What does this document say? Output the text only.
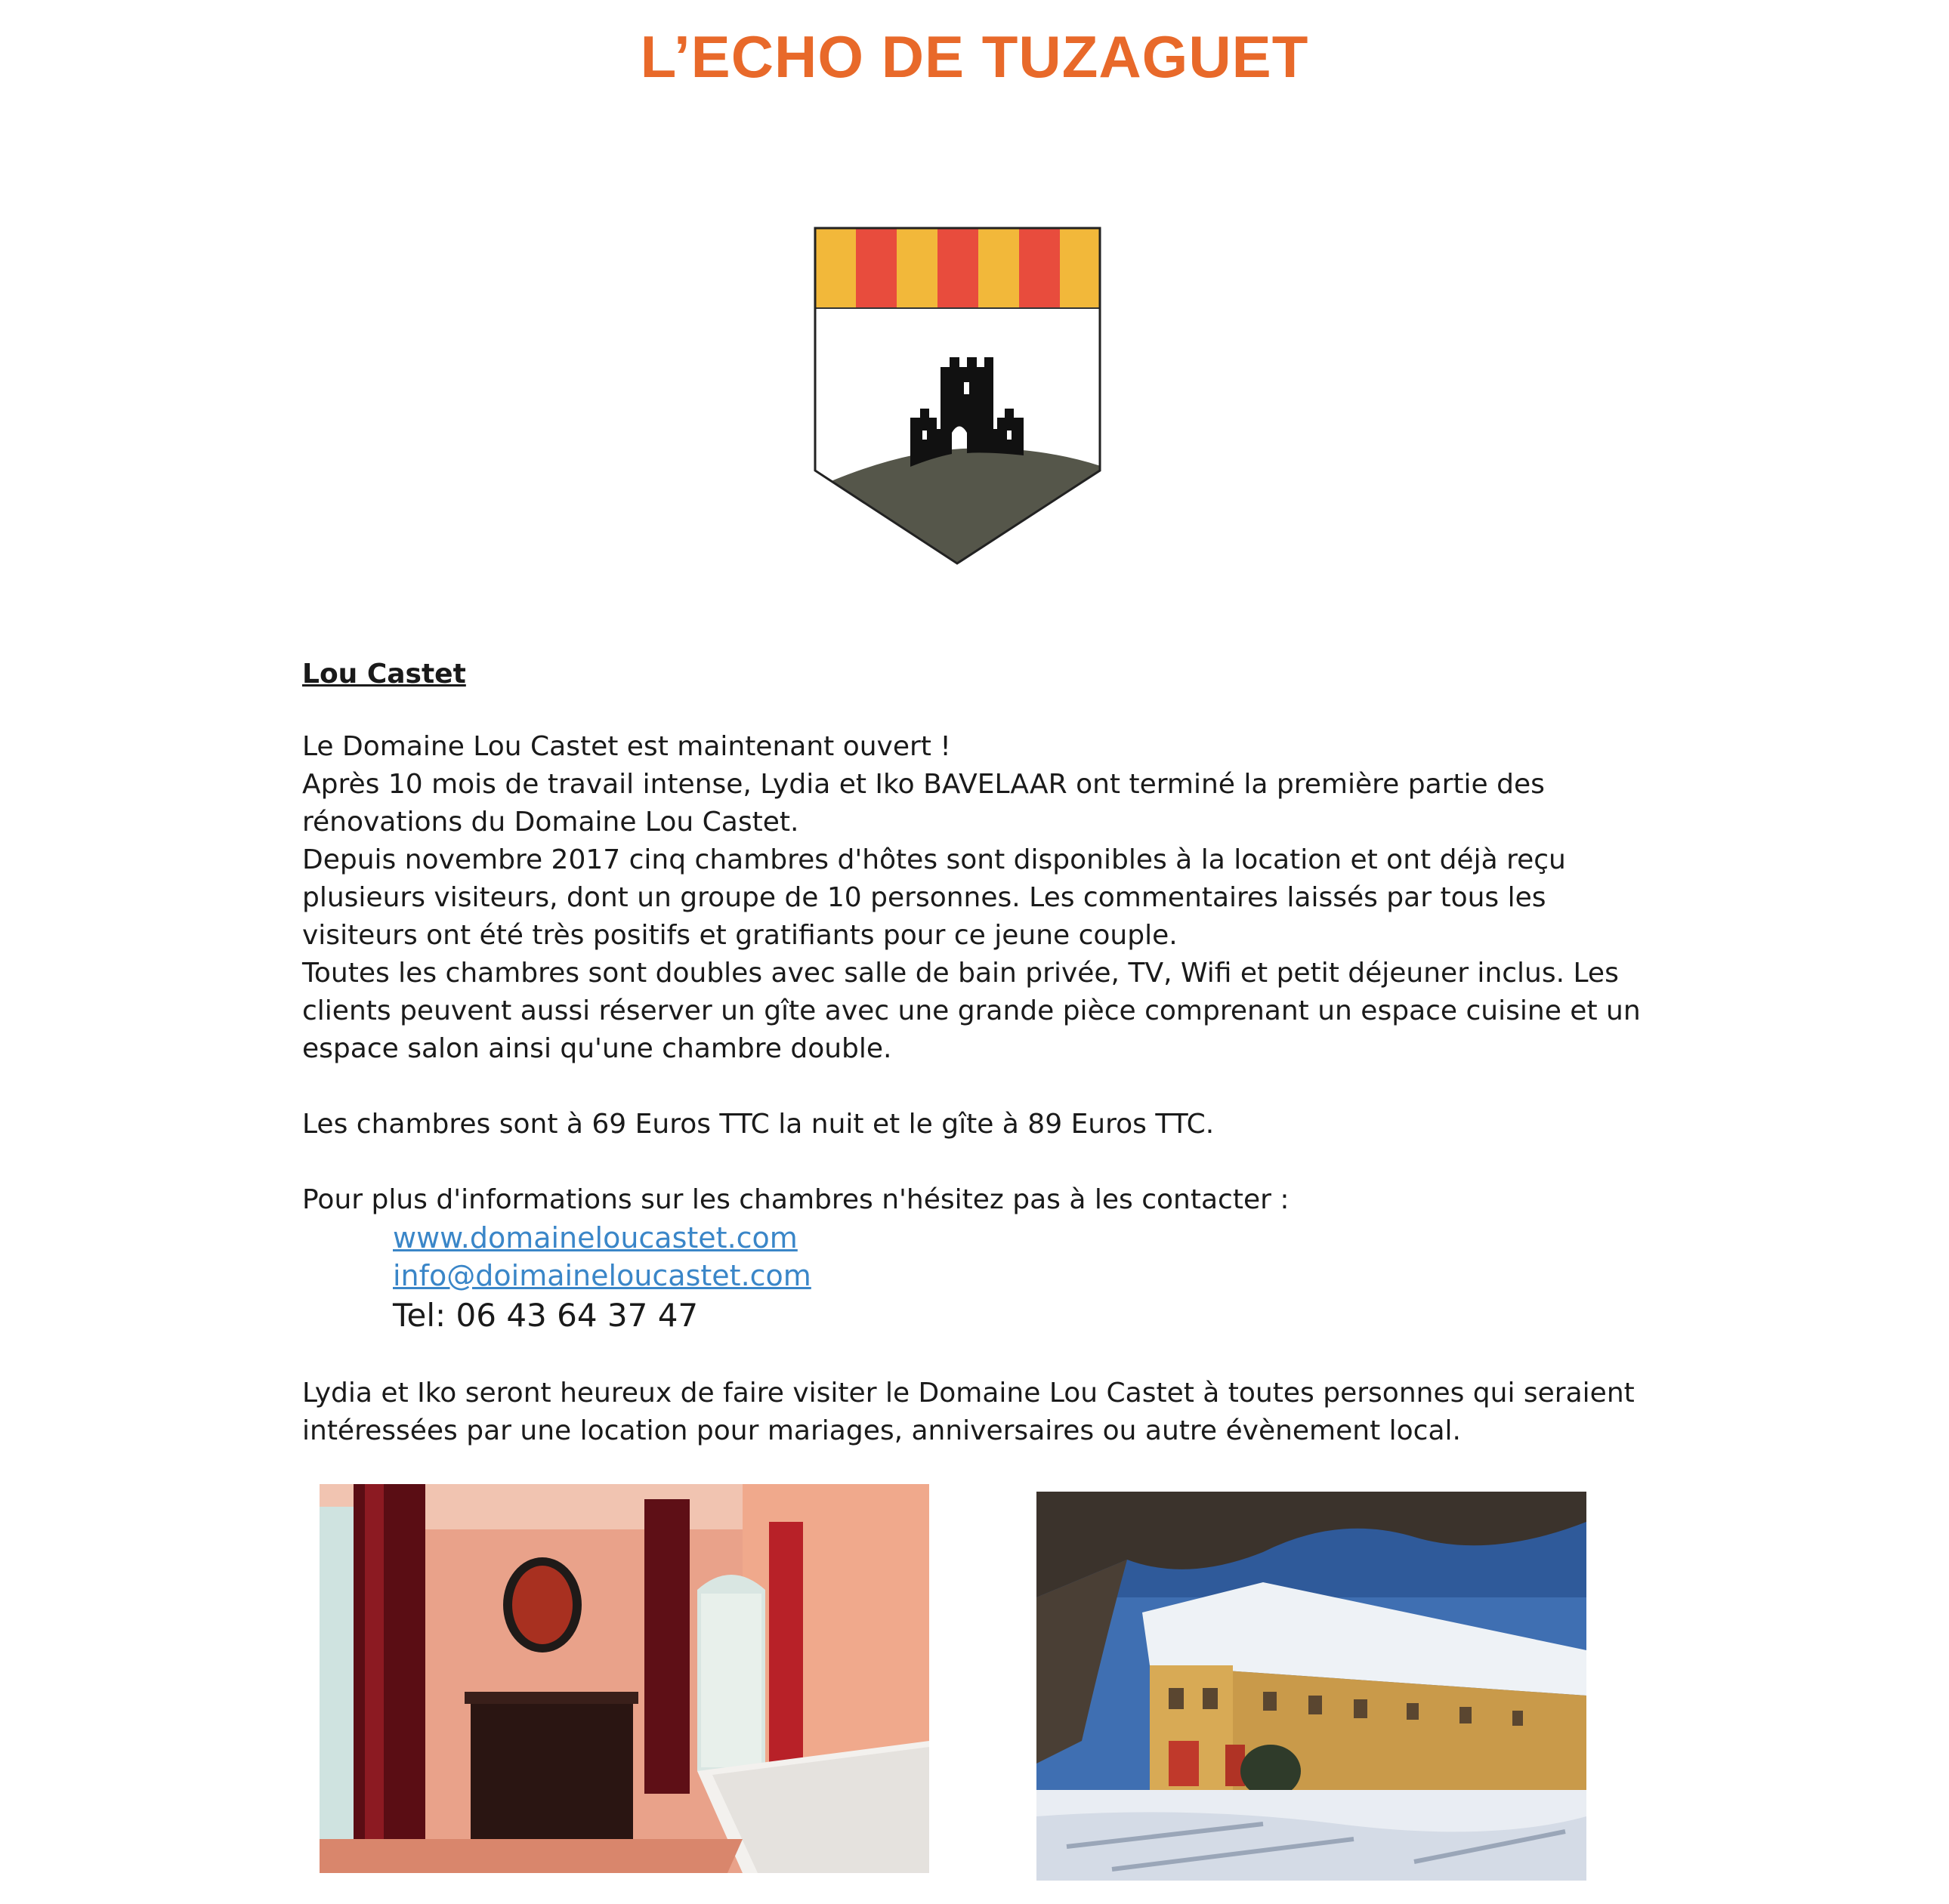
L’ECHO DE TUZAGUET
Lou Castet

Le Domaine Lou Castet est maintenant ouvert !

Après 10 mois de travail intense, Lydia et Iko BAVELAAR ont terminé la première partie des rénovations du Domaine Lou Castet.

Depuis novembre 2017 cinq chambres d'hôtes sont disponibles à la location et ont déjà reçu plusieurs visiteurs, dont un groupe de 10 personnes. Les commentaires laissés par tous les visiteurs ont été très positifs et gratifiants pour ce jeune couple.

Toutes les chambres sont doubles avec salle de bain privée, TV, Wifi et petit déjeuner inclus. Les clients peuvent aussi réserver un gîte avec une grande pièce comprenant un espace cuisine et un espace salon ainsi qu'une chambre double.

Les chambres sont à 69 Euros TTC la nuit et le gîte à 89 Euros TTC.

Pour plus d'informations sur les chambres n'hésitez pas à les contacter :

www.domaineloucastet.com
info@doimaineloucastet.com
Tel: 06 43 64 37 47

Lydia et Iko seront heureux de faire visiter le Domaine Lou Castet à toutes personnes qui seraient intéressées par une location pour mariages, anniversaires ou autre évènement local.
